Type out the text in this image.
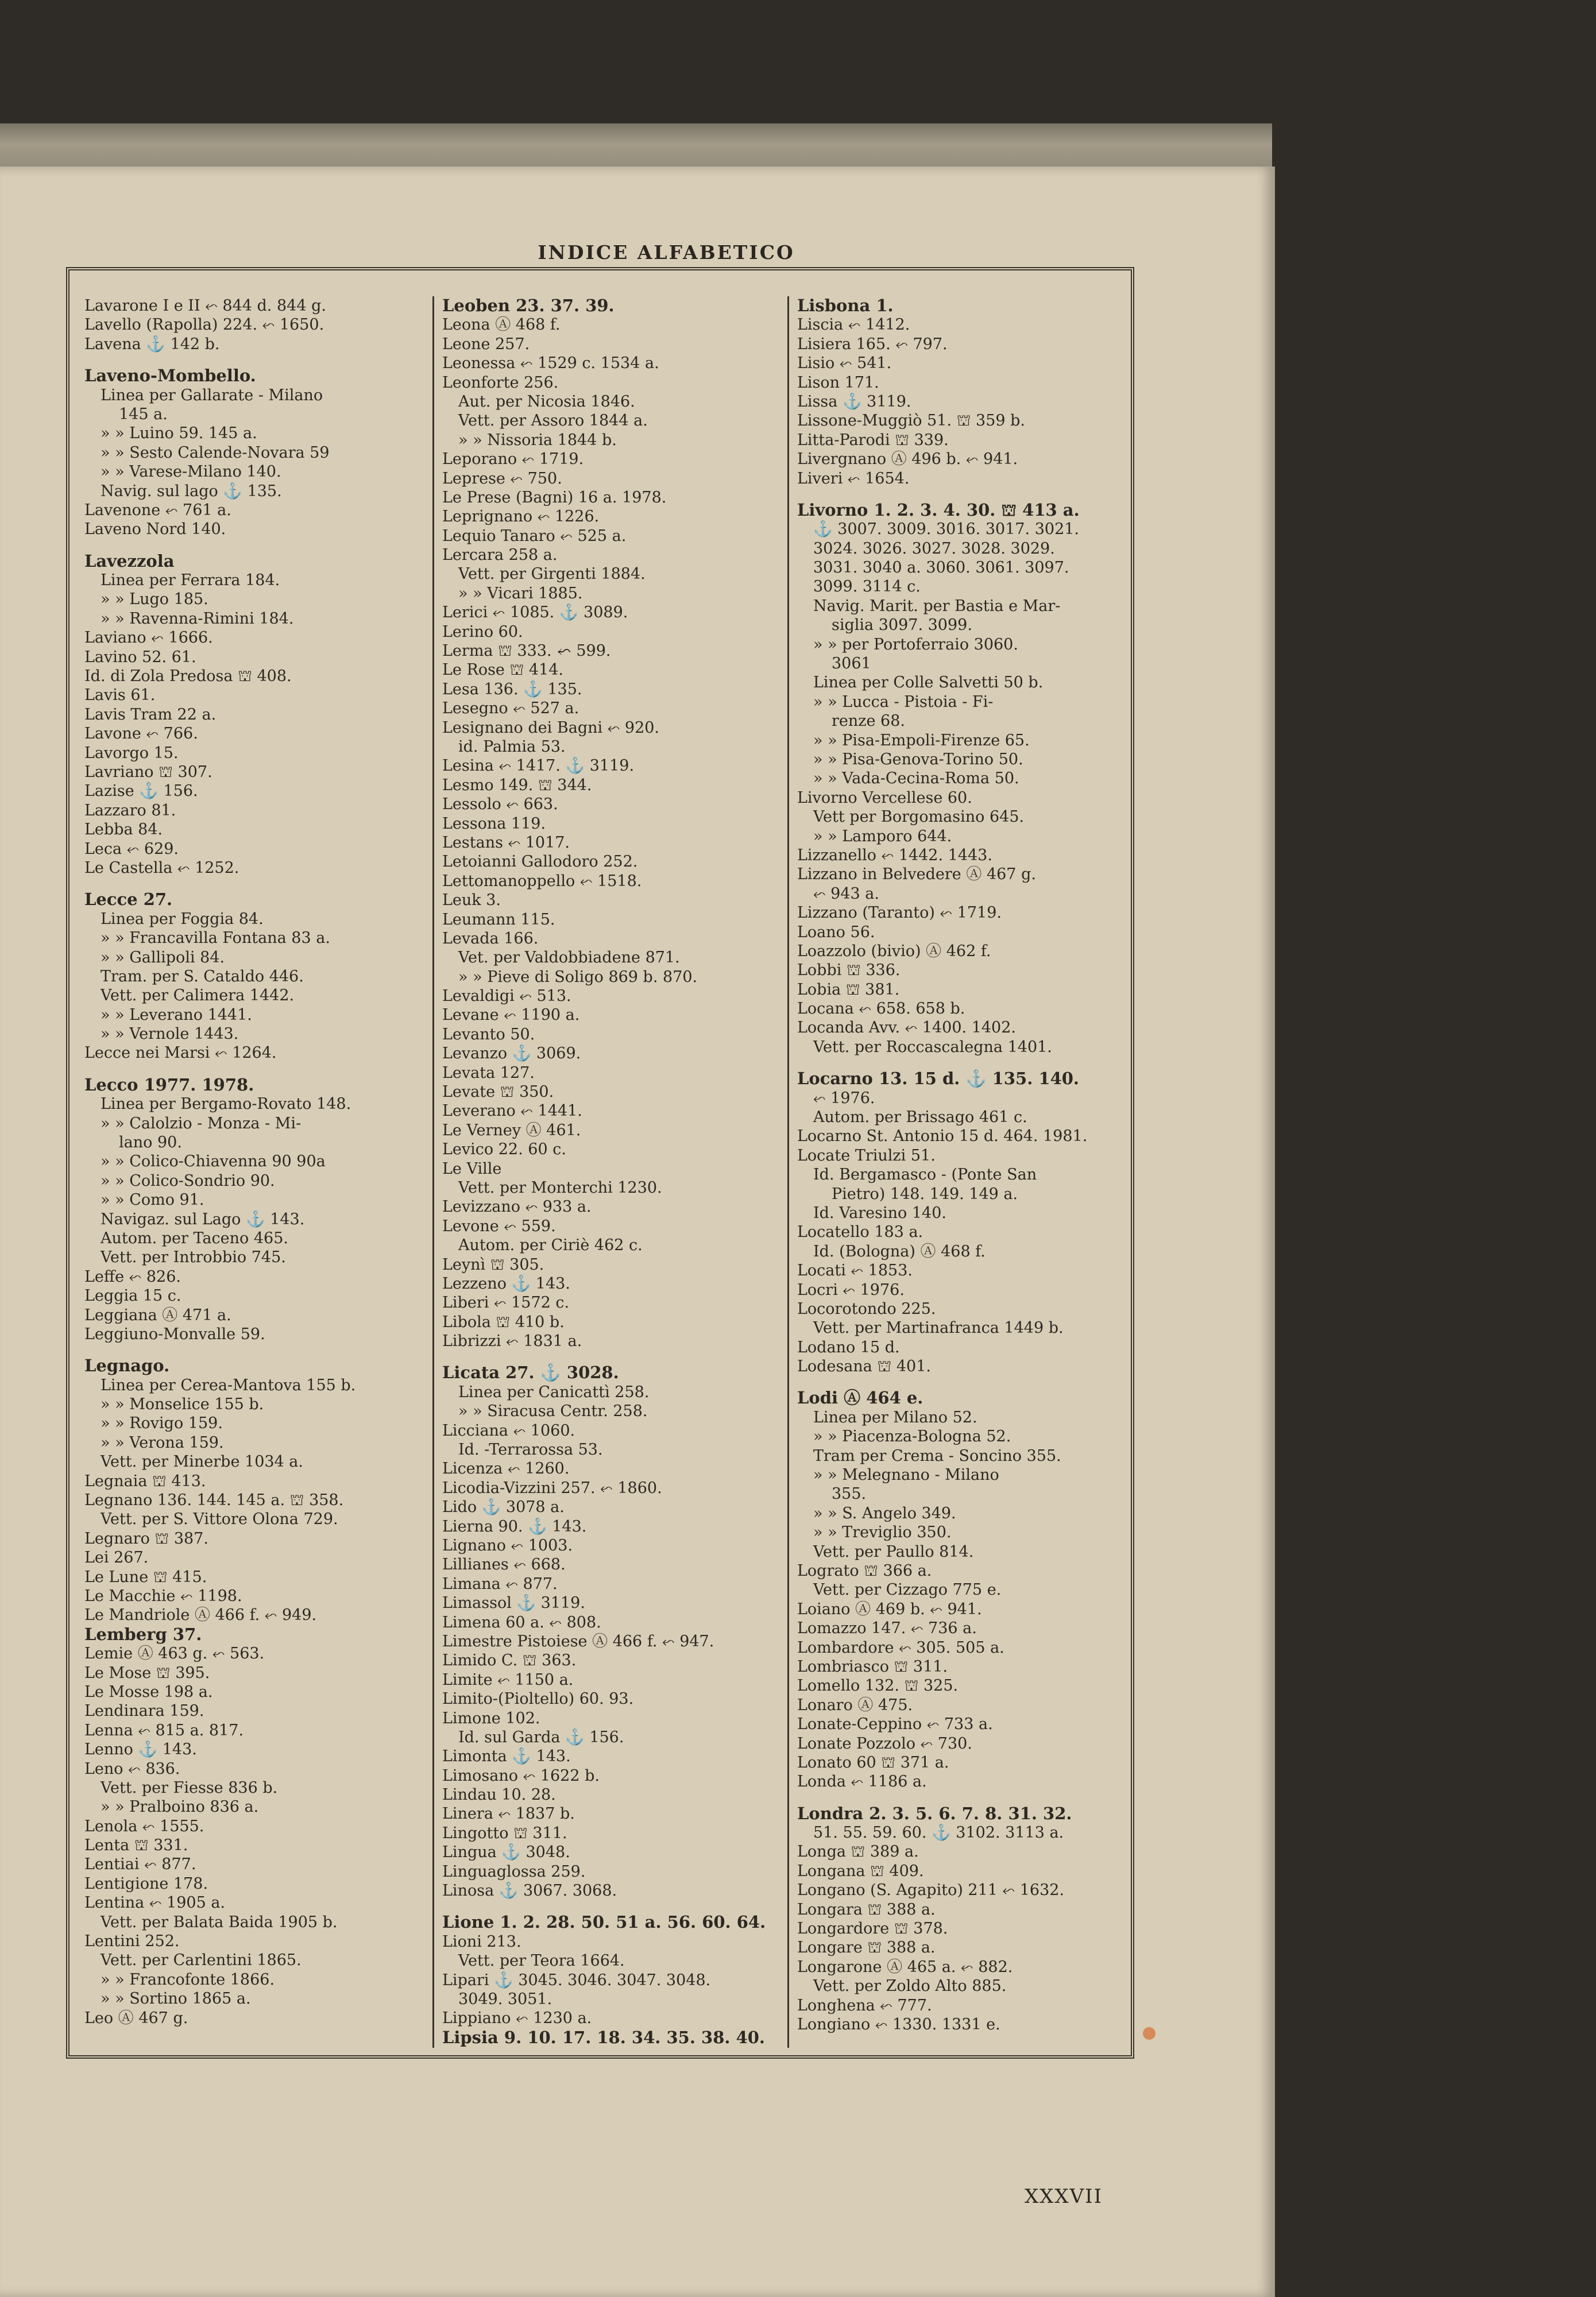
INDICE ALFABETICO
Lavarone I e II ⬿ 844 d. 844 g.
Lavello (Rapolla) 224. ⬿ 1650.
Lavena ⚓ 142 b.
Laveno-Mombello.
Linea per Gallarate - Milano
145 a.
» » Luino 59. 145 a.
» » Sesto Calende-Novara 59
» » Varese-Milano 140.
Navig. sul lago ⚓ 135.
Lavenone ⬿ 761 a.
Laveno Nord 140.
Lavezzola
Linea per Ferrara 184.
» » Lugo 185.
» » Ravenna-Rimini 184.
Laviano ⬿ 1666.
Lavino 52. 61.
Id. di Zola Predosa ⛫ 408.
Lavis 61.
Lavis Tram 22 a.
Lavone ⬿ 766.
Lavorgo 15.
Lavriano ⛫ 307.
Lazise ⚓ 156.
Lazzaro 81.
Lebba 84.
Leca ⬿ 629.
Le Castella ⬿ 1252.
Lecce 27.
Linea per Foggia 84.
» » Francavilla Fontana 83 a.
» » Gallipoli 84.
Tram. per S. Cataldo 446.
Vett. per Calimera 1442.
» » Leverano 1441.
» » Vernole 1443.
Lecce nei Marsi ⬿ 1264.
Lecco 1977. 1978.
Linea per Bergamo-Rovato 148.
» » Calolzio - Monza - Mi-
lano 90.
» » Colico-Chiavenna 90 90a
» » Colico-Sondrio 90.
» » Como 91.
Navigaz. sul Lago ⚓ 143.
Autom. per Taceno 465.
Vett. per Introbbio 745.
Leffe ⬿ 826.
Leggia 15 c.
Leggiana Ⓐ 471 a.
Leggiuno-Monvalle 59.
Legnago.
Linea per Cerea-Mantova 155 b.
» » Monselice 155 b.
» » Rovigo 159.
» » Verona 159.
Vett. per Minerbe 1034 a.
Legnaia ⛫ 413.
Legnano 136. 144. 145 a. ⛫ 358.
Vett. per S. Vittore Olona 729.
Legnaro ⛫ 387.
Lei 267.
Le Lune ⛫ 415.
Le Macchie ⬿ 1198.
Le Mandriole Ⓐ 466 f. ⬿ 949.
Lemberg 37.
Lemie Ⓐ 463 g. ⬿ 563.
Le Mose ⛫ 395.
Le Mosse 198 a.
Lendinara 159.
Lenna ⬿ 815 a. 817.
Lenno ⚓ 143.
Leno ⬿ 836.
Vett. per Fiesse 836 b.
» » Pralboino 836 a.
Lenola ⬿ 1555.
Lenta ⛫ 331.
Lentiai ⬿ 877.
Lentigione 178.
Lentina ⬿ 1905 a.
Vett. per Balata Baida 1905 b.
Lentini 252.
Vett. per Carlentini 1865.
» » Francofonte 1866.
» » Sortino 1865 a.
Leo Ⓐ 467 g.
Leoben 23. 37. 39.
Leona Ⓐ 468 f.
Leone 257.
Leonessa ⬿ 1529 c. 1534 a.
Leonforte 256.
Aut. per Nicosia 1846.
Vett. per Assoro 1844 a.
» » Nissoria 1844 b.
Leporano ⬿ 1719.
Leprese ⬿ 750.
Le Prese (Bagni) 16 a. 1978.
Leprignano ⬿ 1226.
Lequio Tanaro ⬿ 525 a.
Lercara 258 a.
Vett. per Girgenti 1884.
» » Vicari 1885.
Lerici ⬿ 1085. ⚓ 3089.
Lerino 60.
Lerma ⛫ 333. ⬿ 599.
Le Rose ⛫ 414.
Lesa 136. ⚓ 135.
Lesegno ⬿ 527 a.
Lesignano dei Bagni ⬿ 920.
id. Palmia 53.
Lesina ⬿ 1417. ⚓ 3119.
Lesmo 149. ⛫ 344.
Lessolo ⬿ 663.
Lessona 119.
Lestans ⬿ 1017.
Letoianni Gallodoro 252.
Lettomanoppello ⬿ 1518.
Leuk 3.
Leumann 115.
Levada 166.
Vet. per Valdobbiadene 871.
» » Pieve di Soligo 869 b. 870.
Levaldigi ⬿ 513.
Levane ⬿ 1190 a.
Levanto 50.
Levanzo ⚓ 3069.
Levata 127.
Levate ⛫ 350.
Leverano ⬿ 1441.
Le Verney Ⓐ 461.
Levico 22. 60 c.
Le Ville
Vett. per Monterchi 1230.
Levizzano ⬿ 933 a.
Levone ⬿ 559.
Autom. per Ciriè 462 c.
Leynì ⛫ 305.
Lezzeno ⚓ 143.
Liberi ⬿ 1572 c.
Libola ⛫ 410 b.
Librizzi ⬿ 1831 a.
Licata 27. ⚓ 3028.
Linea per Canicattì 258.
» » Siracusa Centr. 258.
Licciana ⬿ 1060.
Id. -Terrarossa 53.
Licenza ⬿ 1260.
Licodia-Vizzini 257. ⬿ 1860.
Lido ⚓ 3078 a.
Lierna 90. ⚓ 143.
Lignano ⬿ 1003.
Lillianes ⬿ 668.
Limana ⬿ 877.
Limassol ⚓ 3119.
Limena 60 a. ⬿ 808.
Limestre Pistoiese Ⓐ 466 f. ⬿ 947.
Limido C. ⛫ 363.
Limite ⬿ 1150 a.
Limito-(Pioltello) 60. 93.
Limone 102.
Id. sul Garda ⚓ 156.
Limonta ⚓ 143.
Limosano ⬿ 1622 b.
Lindau 10. 28.
Linera ⬿ 1837 b.
Lingotto ⛫ 311.
Lingua ⚓ 3048.
Linguaglossa 259.
Linosa ⚓ 3067. 3068.
Lione 1. 2. 28. 50. 51 a. 56. 60. 64.
Lioni 213.
Vett. per Teora 1664.
Lipari ⚓ 3045. 3046. 3047. 3048.
3049. 3051.
Lippiano ⬿ 1230 a.
Lipsia 9. 10. 17. 18. 34. 35. 38. 40.
Lisbona 1.
Liscia ⬿ 1412.
Lisiera 165. ⬿ 797.
Lisio ⬿ 541.
Lison 171.
Lissa ⚓ 3119.
Lissone-Muggiò 51. ⛫ 359 b.
Litta-Parodi ⛫ 339.
Livergnano Ⓐ 496 b. ⬿ 941.
Liveri ⬿ 1654.
Livorno 1. 2. 3. 4. 30. ⛫ 413 a.
⚓ 3007. 3009. 3016. 3017. 3021.
3024. 3026. 3027. 3028. 3029.
3031. 3040 a. 3060. 3061. 3097.
3099. 3114 c.
Navig. Marit. per Bastia e Mar-
siglia 3097. 3099.
» » per Portoferraio 3060.
3061
Linea per Colle Salvetti 50 b.
» » Lucca - Pistoia - Fi-
renze 68.
» » Pisa-Empoli-Firenze 65.
» » Pisa-Genova-Torino 50.
» » Vada-Cecina-Roma 50.
Livorno Vercellese 60.
Vett per Borgomasino 645.
» » Lamporo 644.
Lizzanello ⬿ 1442. 1443.
Lizzano in Belvedere Ⓐ 467 g.
⬿ 943 a.
Lizzano (Taranto) ⬿ 1719.
Loano 56.
Loazzolo (bivio) Ⓐ 462 f.
Lobbi ⛫ 336.
Lobia ⛫ 381.
Locana ⬿ 658. 658 b.
Locanda Avv. ⬿ 1400. 1402.
Vett. per Roccascalegna 1401.
Locarno 13. 15 d. ⚓ 135. 140.
⬿ 1976.
Autom. per Brissago 461 c.
Locarno St. Antonio 15 d. 464. 1981.
Locate Triulzi 51.
Id. Bergamasco - (Ponte San
Pietro) 148. 149. 149 a.
Id. Varesino 140.
Locatello 183 a.
Id. (Bologna) Ⓐ 468 f.
Locati ⬿ 1853.
Locri ⬿ 1976.
Locorotondo 225.
Vett. per Martinafranca 1449 b.
Lodano 15 d.
Lodesana ⛫ 401.
Lodi Ⓐ 464 e.
Linea per Milano 52.
» » Piacenza-Bologna 52.
Tram per Crema - Soncino 355.
» » Melegnano - Milano
355.
» » S. Angelo 349.
» » Treviglio 350.
Vett. per Paullo 814.
Lograto ⛫ 366 a.
Vett. per Cizzago 775 e.
Loiano Ⓐ 469 b. ⬿ 941.
Lomazzo 147. ⬿ 736 a.
Lombardore ⬿ 305. 505 a.
Lombriasco ⛫ 311.
Lomello 132. ⛫ 325.
Lonaro Ⓐ 475.
Lonate-Ceppino ⬿ 733 a.
Lonate Pozzolo ⬿ 730.
Lonato 60 ⛫ 371 a.
Londa ⬿ 1186 a.
Londra 2. 3. 5. 6. 7. 8. 31. 32.
51. 55. 59. 60. ⚓ 3102. 3113 a.
Longa ⛫ 389 a.
Longana ⛫ 409.
Longano (S. Agapito) 211 ⬿ 1632.
Longara ⛫ 388 a.
Longardore ⛫ 378.
Longare ⛫ 388 a.
Longarone Ⓐ 465 a. ⬿ 882.
Vett. per Zoldo Alto 885.
Longhena ⬿ 777.
Longiano ⬿ 1330. 1331 e.
XXXVII
